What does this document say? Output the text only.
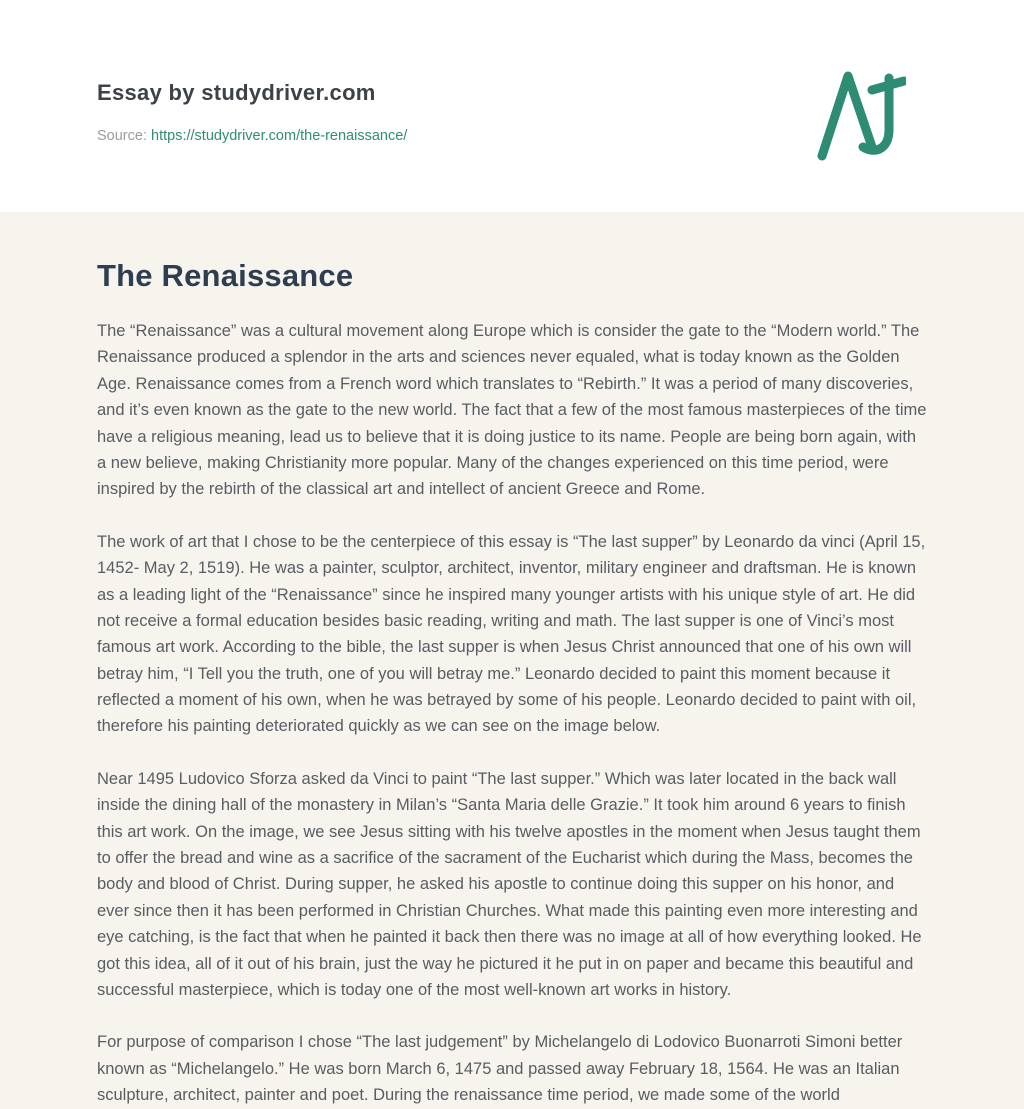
Essay by studydriver.com
Source: https://studydriver.com/the-renaissance/
The Renaissance

The “Renaissance” was a cultural movement along Europe which is consider the gate to the “Modern world.” The Renaissance produced a splendor in the arts and sciences never equaled, what is today known as the Golden Age. Renaissance comes from a French word which translates to “Rebirth.” It was a period of many discoveries, and it’s even known as the gate to the new world. The fact that a few of the most famous masterpieces of the time have a religious meaning, lead us to believe that it is doing justice to its name. People are being born again, with a new believe, making Christianity more popular. Many of the changes experienced on this time period, were inspired by the rebirth of the classical art and intellect of ancient Greece and Rome.

The work of art that I chose to be the centerpiece of this essay is “The last supper” by Leonardo da vinci (April 15, 1452- May 2, 1519). He was a painter, sculptor, architect, inventor, military engineer and draftsman. He is known as a leading light of the “Renaissance” since he inspired many younger artists with his unique style of art. He did not receive a formal education besides basic reading, writing and math. The last supper is one of Vinci’s most famous art work. According to the bible, the last supper is when Jesus Christ announced that one of his own will betray him, “I Tell you the truth, one of you will betray me.” Leonardo decided to paint this moment because it reflected a moment of his own, when he was betrayed by some of his people. Leonardo decided to paint with oil, therefore his painting deteriorated quickly as we can see on the image below.

Near 1495 Ludovico Sforza asked da Vinci to paint “The last supper.” Which was later located in the back wall inside the dining hall of the monastery in Milan’s “Santa Maria delle Grazie.” It took him around 6 years to finish this art work. On the image, we see Jesus sitting with his twelve apostles in the moment when Jesus taught them to offer the bread and wine as a sacrifice of the sacrament of the Eucharist which during the Mass, becomes the body and blood of Christ. During supper, he asked his apostle to continue doing this supper on his honor, and ever since then it has been performed in Christian Churches. What made this painting even more interesting and eye catching, is the fact that when he painted it back then there was no image at all of how everything looked. He got this idea, all of it out of his brain, just the way he pictured it he put in on paper and became this beautiful and successful masterpiece, which is today one of the most well-known art works in history.

For purpose of comparison I chose “The last judgement” by Michelangelo di Lodovico Buonarroti Simoni better known as “Michelangelo.” He was born March 6, 1475 and passed away February 18, 1564. He was an Italian sculpture, architect, painter and poet. During the renaissance time period, we made some of the world
